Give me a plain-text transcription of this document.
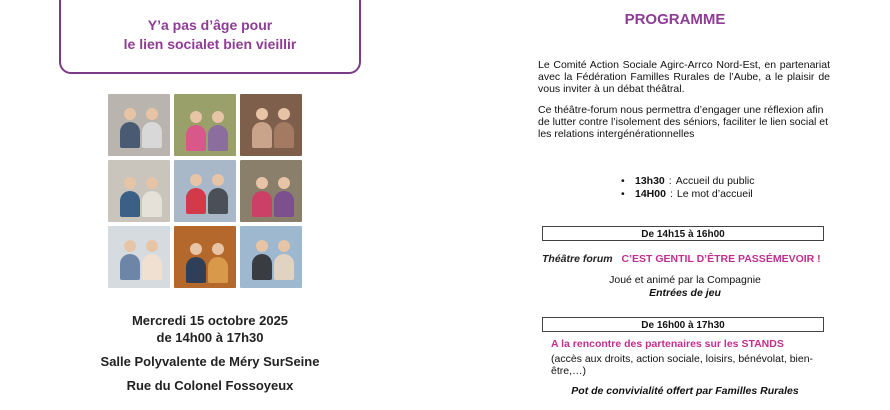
Y’a pas d’âge pour
le lien socialet bien vieillir
Mercredi 15 octobre 2025
de 14h00 à 17h30
Salle Polyvalente de Méry SurSeine
Rue du Colonel Fossoyeux
PROGRAMME
Le Comité Action Sociale Agirc-Arrco Nord-Est, en partenariat avec la Fédération Familles Rurales de l’Aube, a le plaisir de vous inviter à un débat théâtral.
Ce théâtre-forum nous permettra d’engager une réflexion afin de lutter contre l’isolement des séniors, faciliter le lien social et les relations intergénérationnelles
• 13h30 : Accueil du public
• 14H00 : Le mot d’accueil
De 14h15 à 16h00
Théâtre forum C’EST GENTIL D’ÊTRE PASSÉMEVOIR !
Joué et animé par la Compagnie
Entrées de jeu
De 16h00 à 17h30
A la rencontre des partenaires sur les STANDS
(accès aux droits, action sociale, loisirs, bénévolat, bien-être,…)
Pot de convivialité offert par Familles Rurales
